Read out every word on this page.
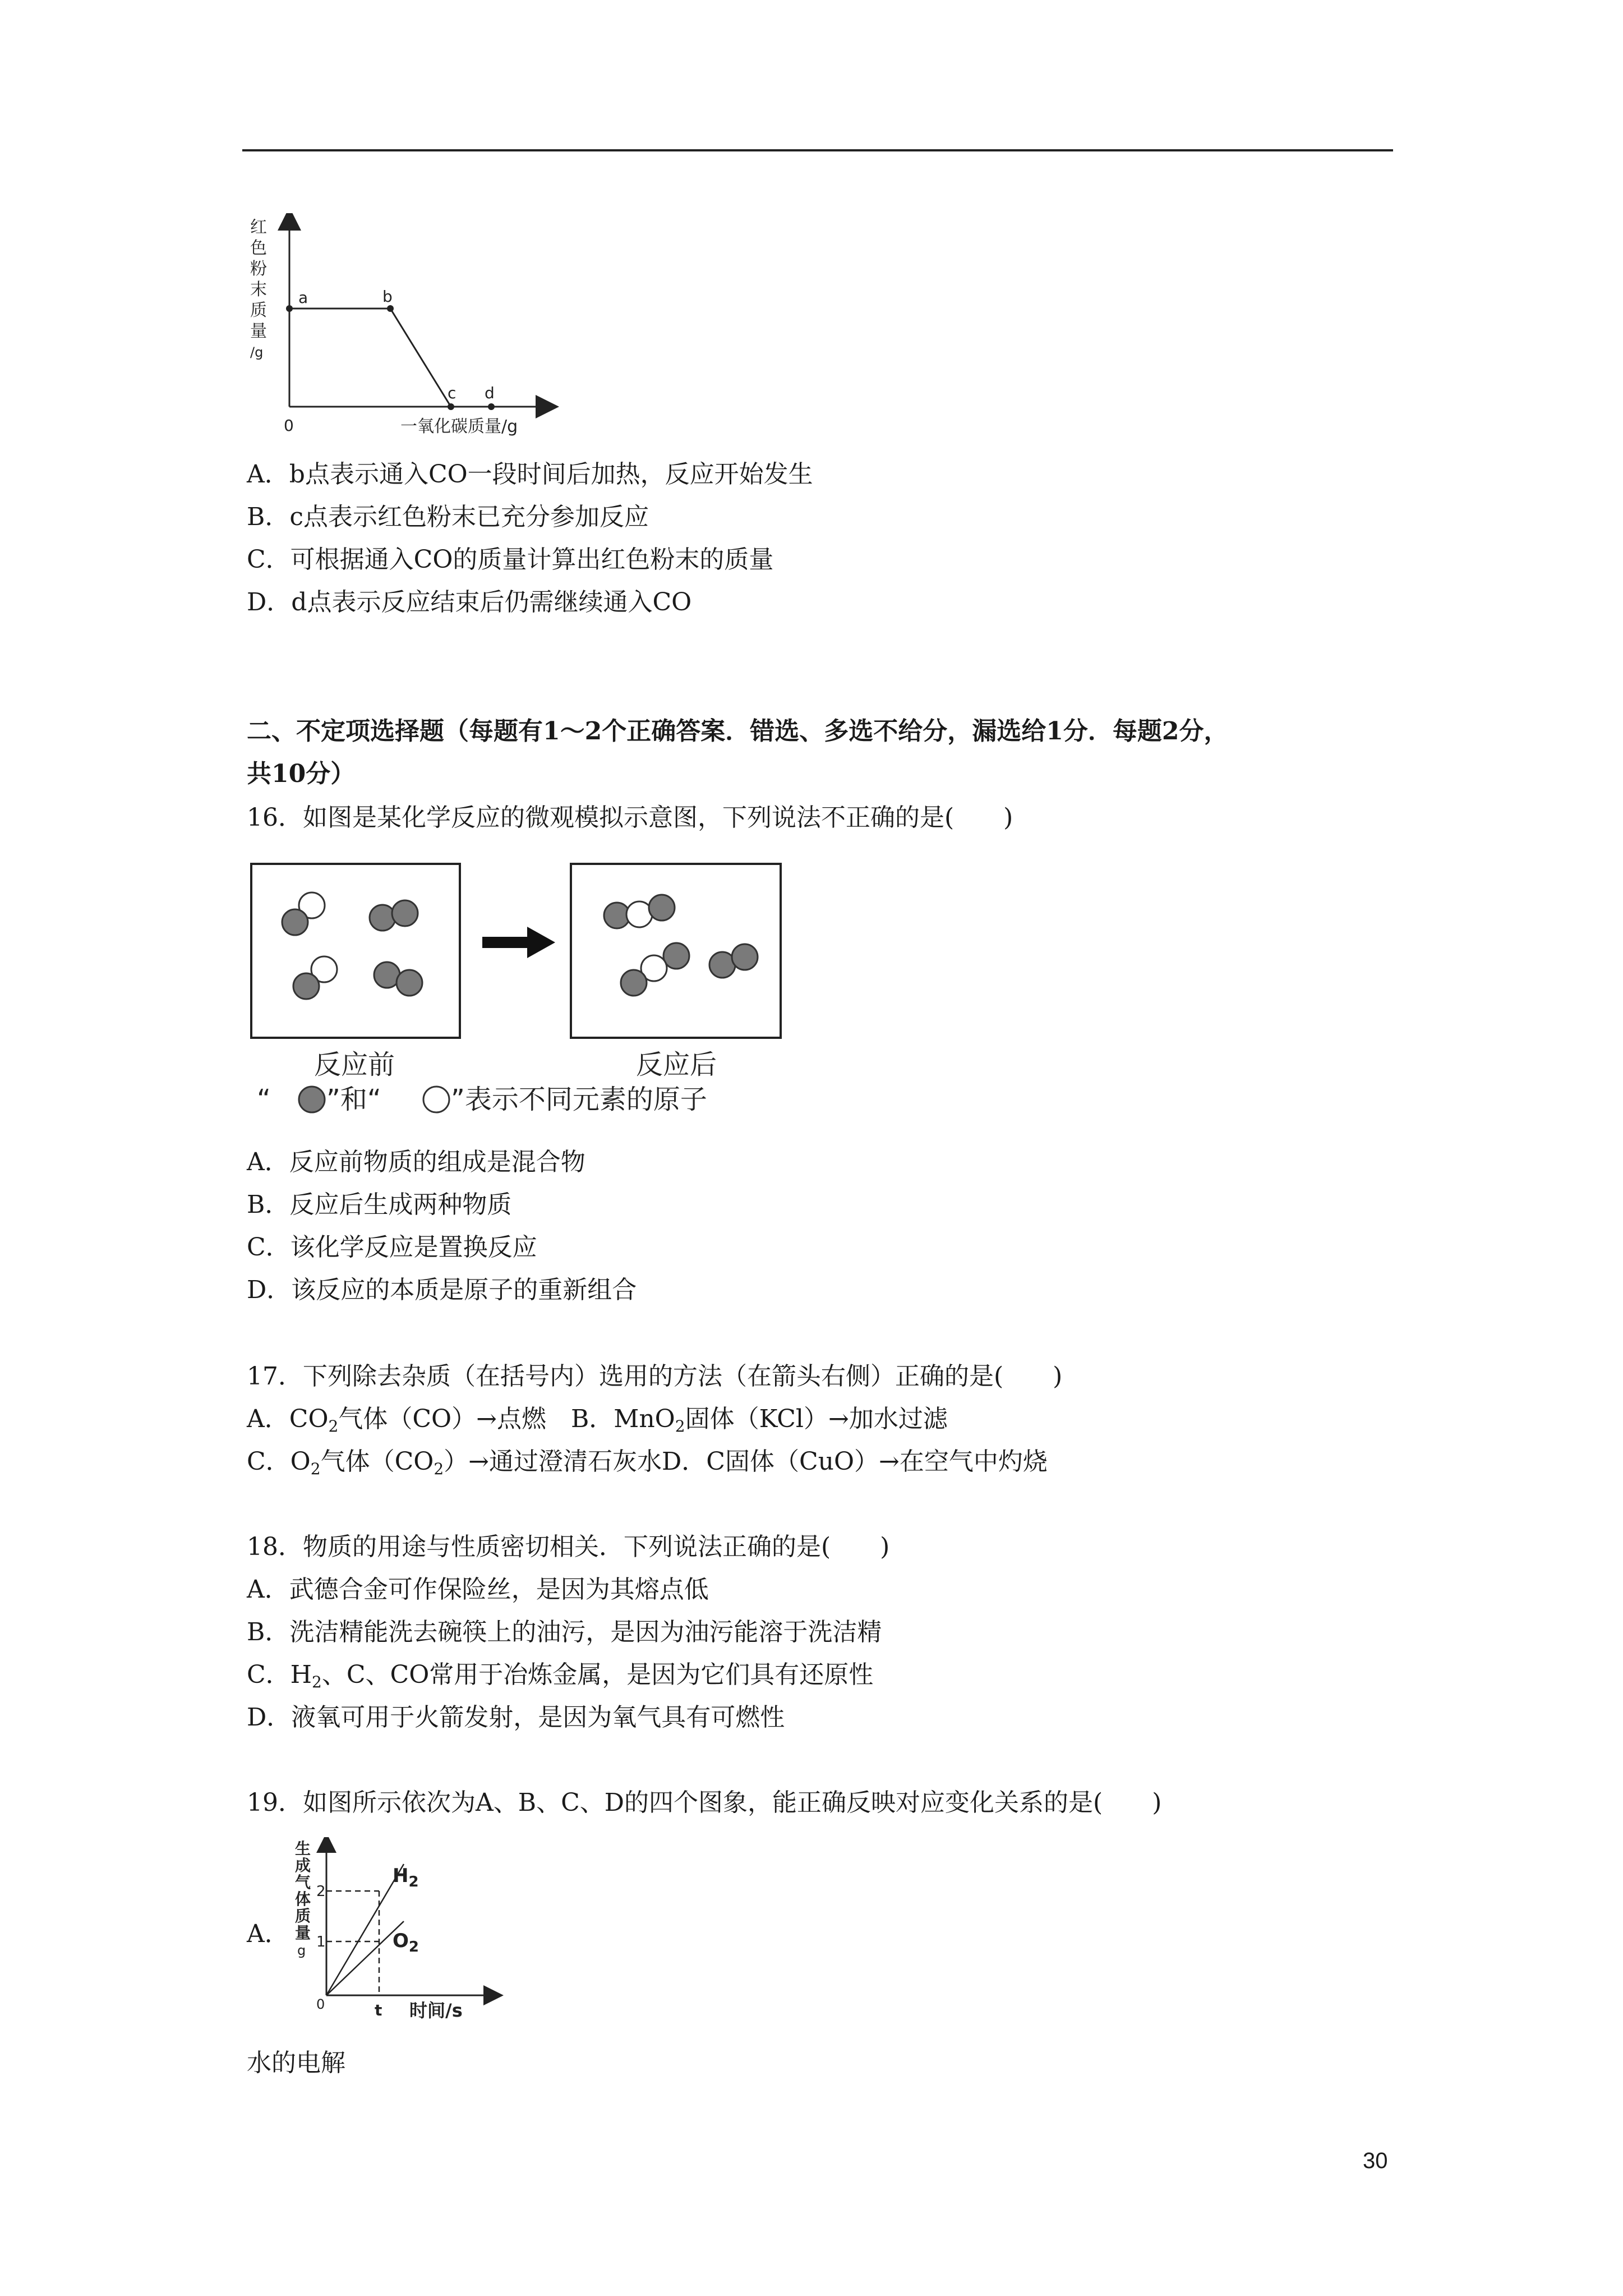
红
色
粉
末
质
量
/g
a	b
c d
0	一氧化碳质量/g
A．b点表示通入CO一段时间后加热，反应开始发生
B．c点表示红色粉末已充分参加反应
C．可根据通入CO的质量计算出红色粉末的质量
D．d点表示反应结束后仍需继续通入CO
二、不定项选择题（每题有1～2个正确答案．错选、多选不给分，漏选给1分．每题2分，
共10分）
16．如图是某化学反应的微观模拟示意图，下列说法不正确的是(　　)
反应前	反应后
“ ”和“	”表示不同元素的原子
A．反应前物质的组成是混合物
B．反应后生成两种物质
C．该化学反应是置换反应
D．该反应的本质是原子的重新组合
17．下列除去杂质（在括号内）选用的方法（在箭头右侧）正确的是(　　)
A．$CO_2$气体（CO）→点燃　B．MnO$_2$固体（KCl）→加水过滤
C．$O_2$气体$(CO_2)\to$通过澄清石灰水D．C固体（CuO）→在空气中灼烧
18．物质的用途与性质密切相关．下列说法正确的是(　　)
A．武德合金可作保险丝，是因为其熔点低
B．洗洁精能洗去碗筷上的油污，是因为油污能溶于洗洁精
C．$H_2$、C、CO常用于冶炼金属，是因为它们具有还原性
D．液氧可用于火箭发射，是因为氧气具有可燃性
19．如图所示依次为A、B、C、D的四个图象，能正确反映对应变化关系的是(　　)
A．
生
成
气
体
质
量
g
2
1
0	t 时间/s
$H_2$
$O_2$
水的电解
30
